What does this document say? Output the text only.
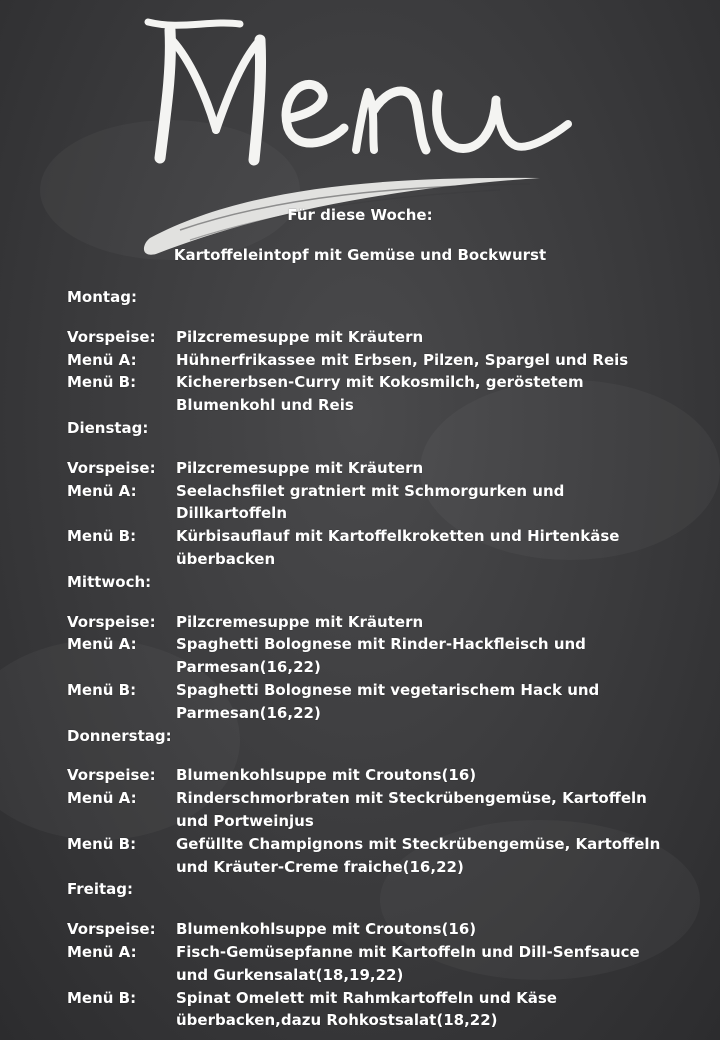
Für diese Woche:
Kartoffeleintopf mit Gemüse und Bockwurst
Montag:
Vorspeise:	Pilzcremesuppe mit Kräutern
Menü A:	Hühnerfrikassee mit Erbsen, Pilzen, Spargel und Reis
Menü B:	Kichererbsen-Curry mit Kokosmilch, geröstetem Blumenkohl und Reis
Dienstag:
Vorspeise:	Pilzcremesuppe mit Kräutern
Menü A:	Seelachsfilet gratniert mit Schmorgurken und Dillkartoffeln
Menü B:	Kürbisauflauf mit Kartoffelkroketten und Hirtenkäse überbacken
Mittwoch:
Vorspeise:	Pilzcremesuppe mit Kräutern
Menü A:	Spaghetti Bolognese mit Rinder-Hackfleisch und Parmesan(16,22)
Menü B:	Spaghetti Bolognese mit vegetarischem Hack und Parmesan(16,22)
Donnerstag:
Vorspeise:	Blumenkohlsuppe mit Croutons(16)
Menü A:	Rinderschmorbraten mit Steckrübengemüse, Kartoffeln und Portweinjus
Menü B:	Gefüllte Champignons mit Steckrübengemüse, Kartoffeln und Kräuter-Creme fraiche(16,22)
Freitag:
Vorspeise:	Blumenkohlsuppe mit Croutons(16)
Menü A:	Fisch-Gemüsepfanne mit Kartoffeln und Dill-Senfsauce und Gurkensalat(18,19,22)
Menü B:	Spinat Omelett mit Rahmkartoffeln und Käse überbacken,dazu Rohkostsalat(18,22)
